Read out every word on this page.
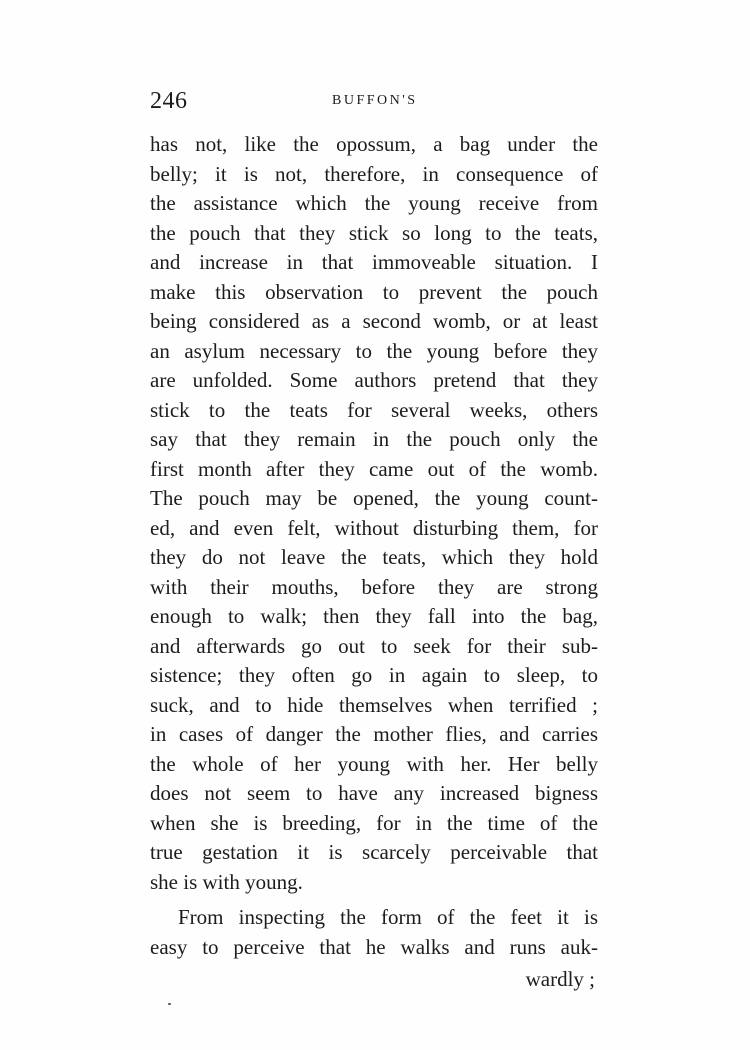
246	BUFFON'S
has not, like the opossum, a bag under the
belly; it is not, therefore, in consequence of
the assistance which the young receive from
the pouch that they stick so long to the teats,
and increase in that immoveable situation. I
make this observation to prevent the pouch
being considered as a second womb, or at least
an asylum necessary to the young before they
are unfolded. Some authors pretend that they
stick to the teats for several weeks, others
say that they remain in the pouch only the
first month after they came out of the womb.
The pouch may be opened, the young count-
ed, and even felt, without disturbing them, for
they do not leave the teats, which they hold
with their mouths, before they are strong
enough to walk; then they fall into the bag,
and afterwards go out to seek for their sub-
sistence; they often go in again to sleep, to
suck, and to hide themselves when terrified ;
in cases of danger the mother flies, and carries
the whole of her young with her. Her belly
does not seem to have any increased bigness
when she is breeding, for in the time of the
true gestation it is scarcely perceivable that
she is with young.
From inspecting the form of the feet it is
easy to perceive that he walks and runs auk-
wardly ;
